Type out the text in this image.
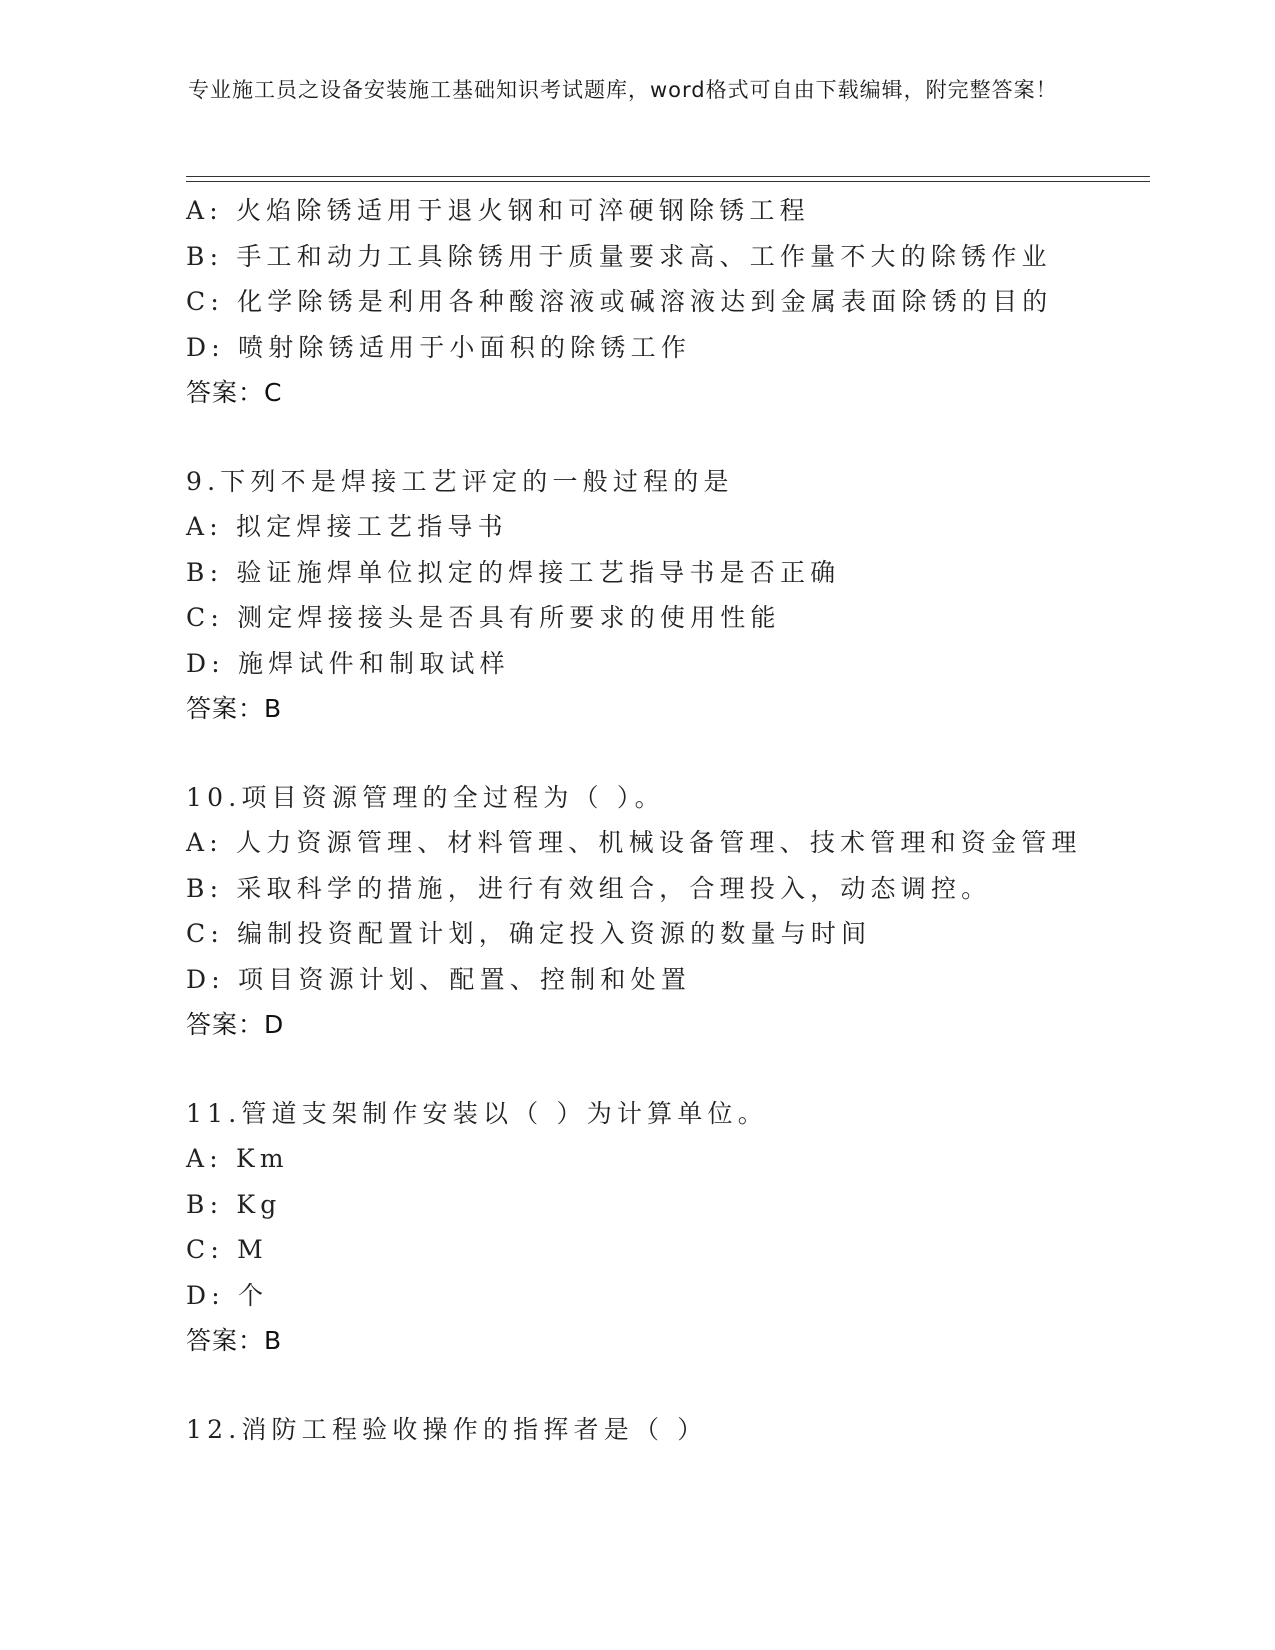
专业施工员之设备安装施工基础知识考试题库，word格式可自由下载编辑，附完整答案！
A: 火焰除锈适用于退火钢和可淬硬钢除锈工程
B: 手工和动力工具除锈用于质量要求高、工作量不大的除锈作业
C: 化学除锈是利用各种酸溶液或碱溶液达到金属表面除锈的目的
D: 喷射除锈适用于小面积的除锈工作
答案：C
9.下列不是焊接工艺评定的一般过程的是
A: 拟定焊接工艺指导书
B: 验证施焊单位拟定的焊接工艺指导书是否正确
C: 测定焊接接头是否具有所要求的使用性能
D: 施焊试件和制取试样
答案：B
10.项目资源管理的全过程为（ ）。
A: 人力资源管理、材料管理、机械设备管理、技术管理和资金管理
B: 采取科学的措施，进行有效组合，合理投入，动态调控。
C: 编制投资配置计划，确定投入资源的数量与时间
D: 项目资源计划、配置、控制和处置
答案：D
11.管道支架制作安装以（ ）为计算单位。
A: Km
B: Kg
C: M
D: 个
答案：B
12.消防工程验收操作的指挥者是（ ）
